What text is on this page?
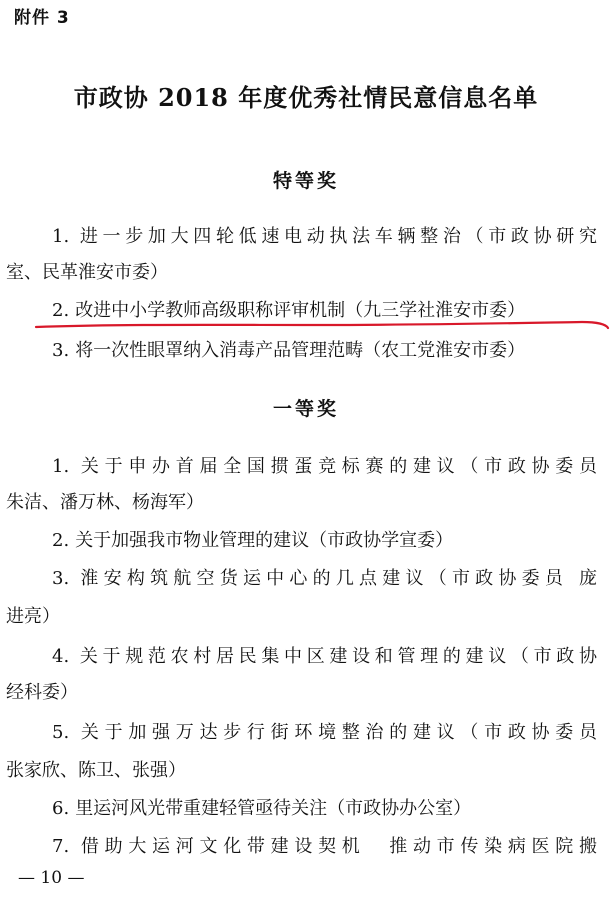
附件 3
市政协 2018 年度优秀社情民意信息名单
特等奖
1. 进一步加大四轮低速电动执法车辆整治（市政协研究
室、民革淮安市委）
2. 改进中小学教师高级职称评审机制（九三学社淮安市委）
3. 将一次性眼罩纳入消毒产品管理范畴（农工党淮安市委）
一等奖
1. 关于申办首届全国掼蛋竞标赛的建议（市政协委员
朱洁、潘万林、杨海军）
2. 关于加强我市物业管理的建议（市政协学宣委）
3. 淮安构筑航空货运中心的几点建议（市政协委员 庞
进亮）
4. 关于规范农村居民集中区建设和管理的建议（市政协
经科委）
5. 关于加强万达步行街环境整治的建议（市政协委员
张家欣、陈卫、张强）
6. 里运河风光带重建轻管亟待关注（市政协办公室）
7. 借助大运河文化带建设契机　推动市传染病医院搬
— 10 —
